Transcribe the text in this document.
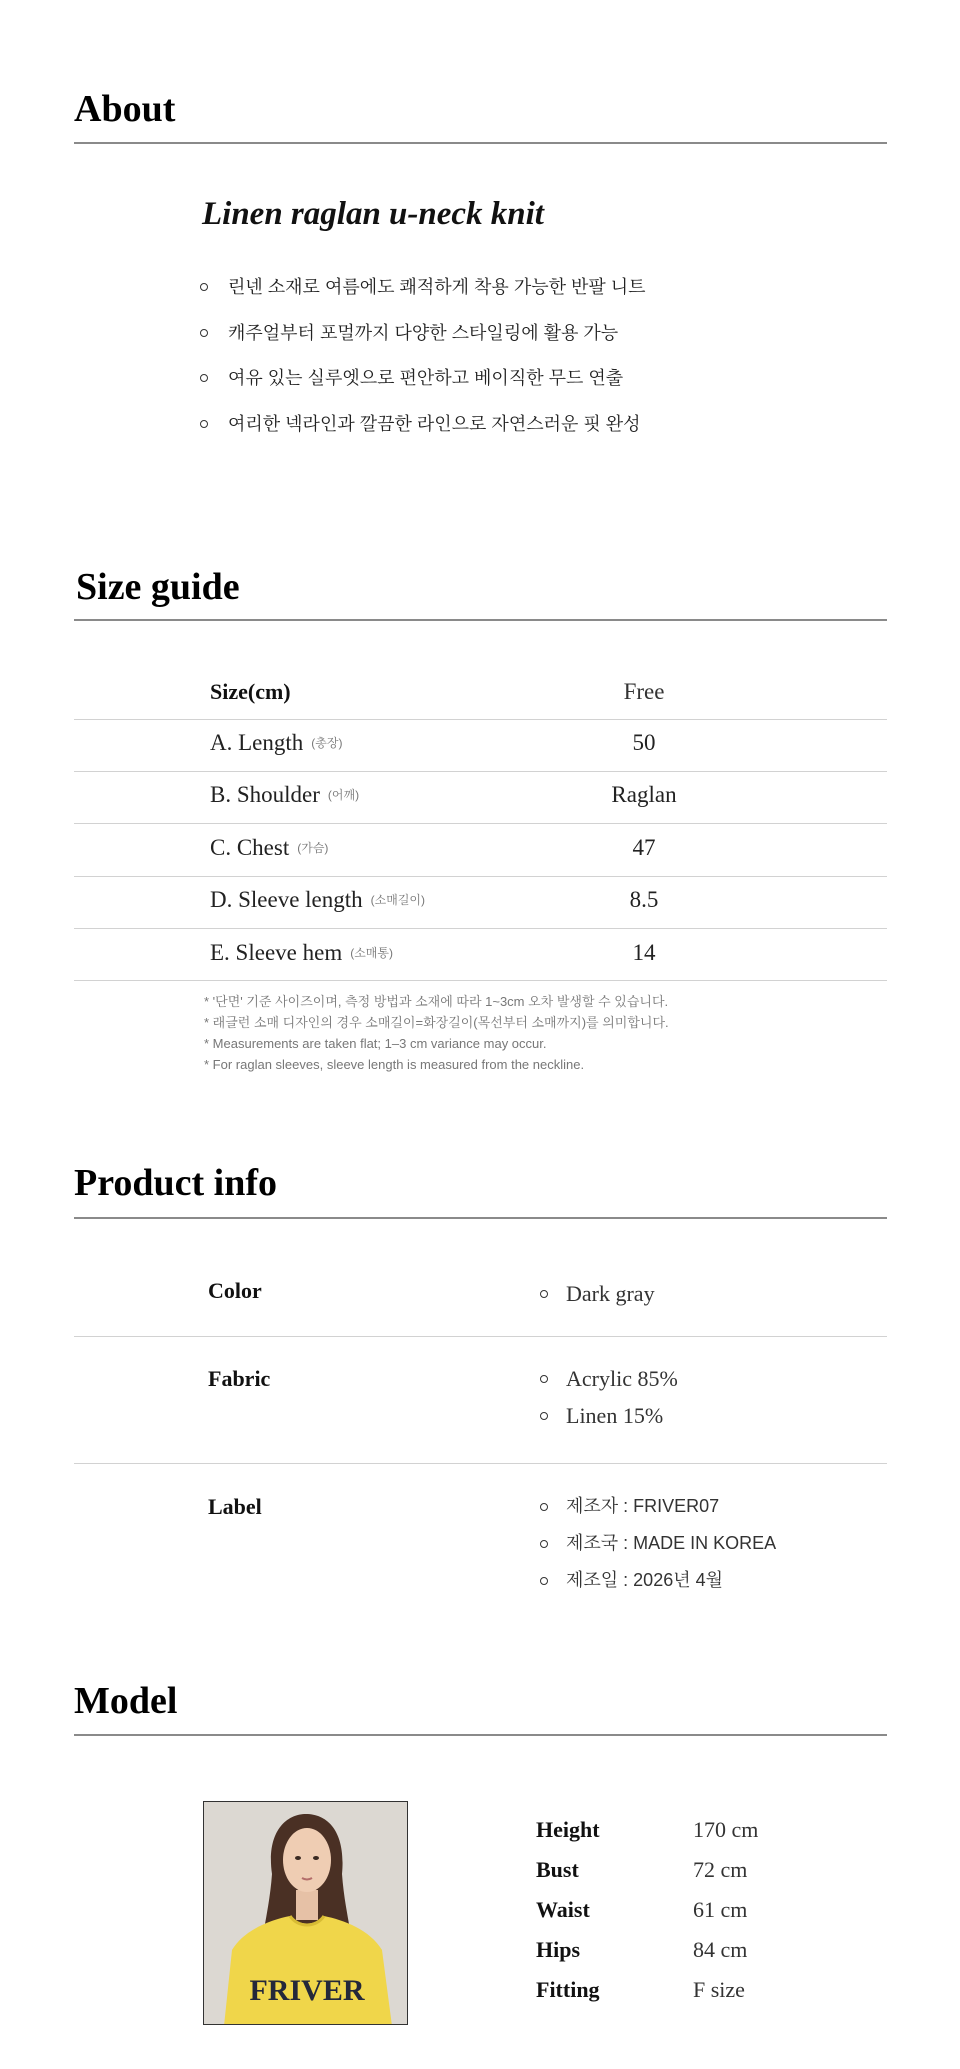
About
Linen raglan u-neck knit
린넨 소재로 여름에도 쾌적하게 착용 가능한 반팔 니트
캐주얼부터 포멀까지 다양한 스타일링에 활용 가능
여유 있는 실루엣으로 편안하고 베이직한 무드 연출
여리한 넥라인과 깔끔한 라인으로 자연스러운 핏 완성
Size guide
Size(cm)	Free
A. Length (총장)	50
B. Shoulder (어깨)	Raglan
C. Chest (가슴)	47
D. Sleeve length (소매길이)	8.5
E. Sleeve hem (소매통)	14
* '단면' 기준 사이즈이며, 측정 방법과 소재에 따라 1~3cm 오차 발생할 수 있습니다.
* 래글런 소매 디자인의 경우 소매길이=화장길이(목선부터 소매까지)를 의미합니다.
* Measurements are taken flat; 1–3 cm variance may occur.
* For raglan sleeves, sleeve length is measured from the neckline.
Product info
Color	Dark gray
Fabric	Acrylic 85%
Linen 15%
Label	제조자 : FRIVER07
제조국 : MADE IN KOREA
제조일 : 2026년 4월
Model
FRIVER
Height	170 cm
Bust	72 cm
Waist	61 cm
Hips	84 cm
Fitting	F size
